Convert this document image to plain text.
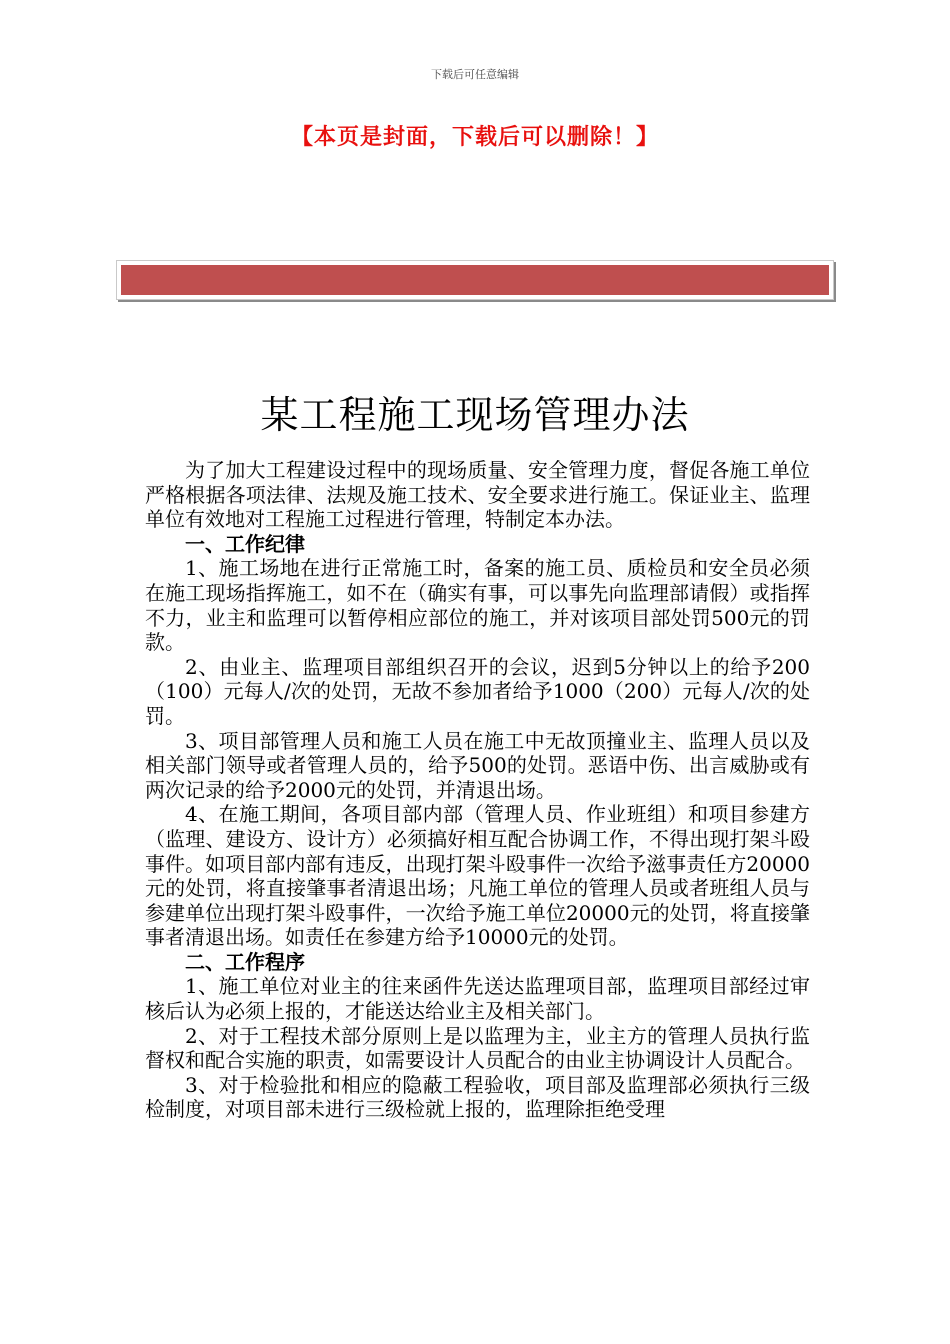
下载后可任意编辑
【本页是封面，下载后可以删除！】
某工程施工现场管理办法

为了加大工程建设过程中的现场质量、安全管理力度，督促各施工单位严格根据各项法律、法规及施工技术、安全要求进行施工。保证业主、监理单位有效地对工程施工过程进行管理，特制定本办法。

一、工作纪律

1、施工场地在进行正常施工时，备案的施工员、质检员和安全员必须在施工现场指挥施工，如不在（确实有事，可以事先向监理部请假）或指挥不力，业主和监理可以暂停相应部位的施工，并对该项目部处罚500元的罚款。

2、由业主、监理项目部组织召开的会议，迟到5分钟以上的给予200（100）元每人/次的处罚，无故不参加者给予1000（200）元每人/次的处罚。

3、项目部管理人员和施工人员在施工中无故顶撞业主、监理人员以及相关部门领导或者管理人员的，给予500的处罚。恶语中伤、出言威胁或有两次记录的给予2000元的处罚，并清退出场。

4、在施工期间，各项目部内部（管理人员、作业班组）和项目参建方（监理、建设方、设计方）必须搞好相互配合协调工作，不得出现打架斗殴事件。如项目部内部有违反，出现打架斗殴事件一次给予滋事责任方20000元的处罚，将直接肇事者清退出场；凡施工单位的管理人员或者班组人员与参建单位出现打架斗殴事件，一次给予施工单位20000元的处罚，将直接肇事者清退出场。如责任在参建方给予10000元的处罚。

二、工作程序

1、施工单位对业主的往来函件先送达监理项目部，监理项目部经过审核后认为必须上报的，才能送达给业主及相关部门。

2、对于工程技术部分原则上是以监理为主，业主方的管理人员执行监督权和配合实施的职责，如需要设计人员配合的由业主协调设计人员配合。

3、对于检验批和相应的隐蔽工程验收，项目部及监理部必须执行三级检制度，对项目部未进行三级检就上报的，监理除拒绝受理
